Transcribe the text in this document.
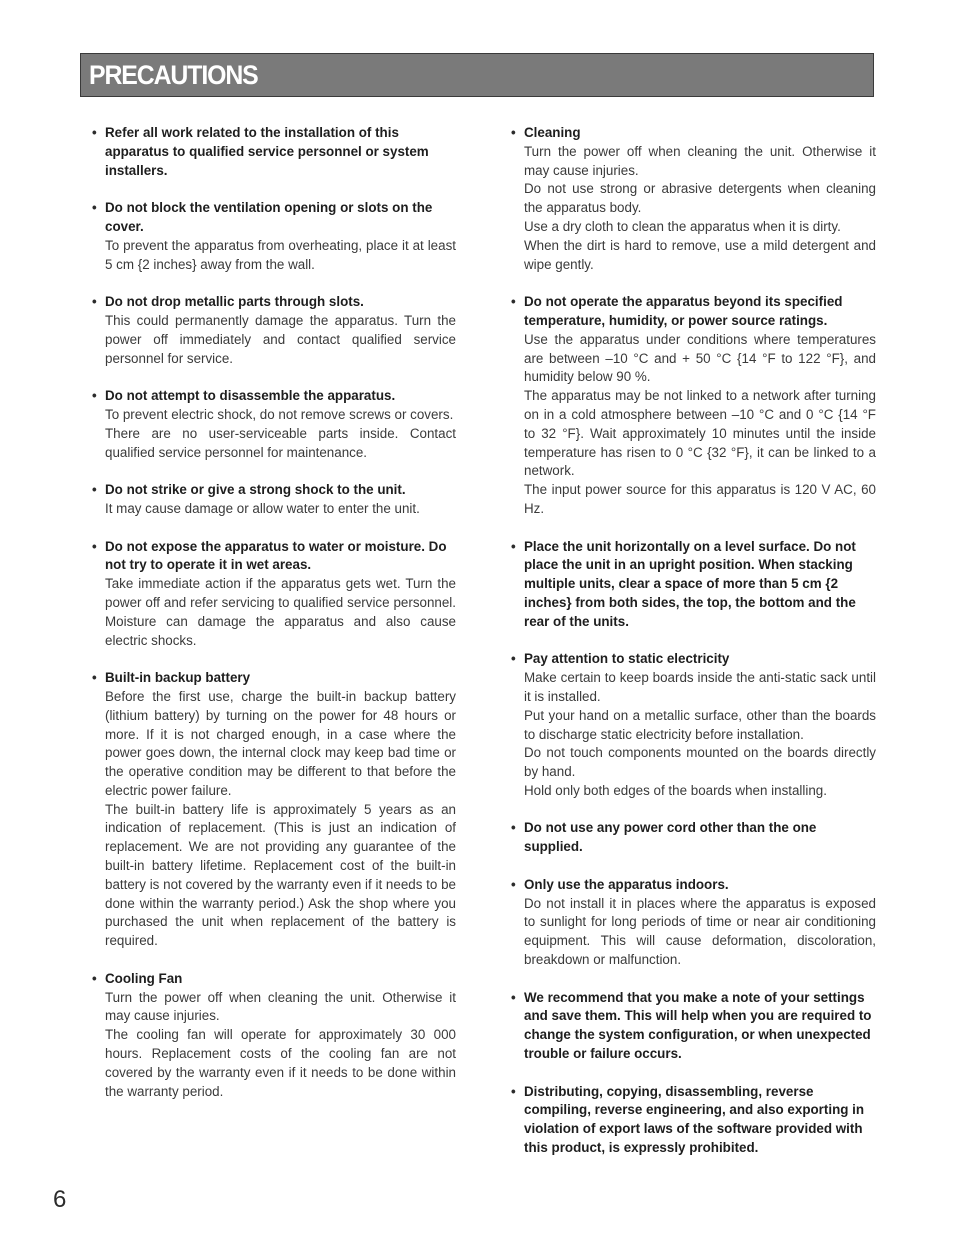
PRECAUTIONS
• Refer all work related to the installation of this apparatus to qualified service personnel or system installers.
• Do not block the ventilation opening or slots on the cover.
To prevent the apparatus from overheating, place it at least 5 cm {2 inches} away from the wall.
• Do not drop metallic parts through slots.
This could permanently damage the apparatus. Turn the power off immediately and contact qualified service personnel for service.
• Do not attempt to disassemble the apparatus.
To prevent electric shock, do not remove screws or covers.
There are no user-serviceable parts inside. Contact qualified service personnel for maintenance.
• Do not strike or give a strong shock to the unit.
It may cause damage or allow water to enter the unit.
• Do not expose the apparatus to water or moisture. Do not try to operate it in wet areas.
Take immediate action if the apparatus gets wet. Turn the power off and refer servicing to qualified service personnel. Moisture can damage the apparatus and also cause electric shocks.
• Built-in backup battery
Before the first use, charge the built-in backup battery (lithium battery) by turning on the power for 48 hours or more. If it is not charged enough, in a case where the power goes down, the internal clock may keep bad time or the operative condition may be different to that before the electric power failure.
The built-in battery life is approximately 5 years as an indication of replacement. (This is just an indication of replacement. We are not providing any guarantee of the built-in battery lifetime. Replacement cost of the built-in battery is not covered by the warranty even if it needs to be done within the warranty period.) Ask the shop where you purchased the unit when replacement of the battery is required.
• Cooling Fan
Turn the power off when cleaning the unit. Otherwise it may cause injuries.
The cooling fan will operate for approximately 30 000 hours. Replacement costs of the cooling fan are not covered by the warranty even if it needs to be done within the warranty period.
• Cleaning
Turn the power off when cleaning the unit. Otherwise it may cause injuries.
Do not use strong or abrasive detergents when cleaning the apparatus body.
Use a dry cloth to clean the apparatus when it is dirty.
When the dirt is hard to remove, use a mild detergent and wipe gently.
• Do not operate the apparatus beyond its specified temperature, humidity, or power source ratings.
Use the apparatus under conditions where temperatures are between –10 °C and + 50 °C {14 °F to 122 °F}, and humidity below 90 %.
The apparatus may be not linked to a network after turning on in a cold atmosphere between –10 °C and 0 °C {14 °F to 32 °F}. Wait approximately 10 minutes until the inside temperature has risen to 0 °C {32 °F}, it can be linked to a network.
The input power source for this apparatus is 120 V AC, 60 Hz.
• Place the unit horizontally on a level surface. Do not place the unit in an upright position. When stacking multiple units, clear a space of more than 5 cm {2 inches} from both sides, the top, the bottom and the rear of the units.
• Pay attention to static electricity
Make certain to keep boards inside the anti-static sack until it is installed.
Put your hand on a metallic surface, other than the boards to discharge static electricity before installation.
Do not touch components mounted on the boards directly by hand.
Hold only both edges of the boards when installing.
• Do not use any power cord other than the one supplied.
• Only use the apparatus indoors.
Do not install it in places where the apparatus is exposed to sunlight for long periods of time or near air conditioning equipment. This will cause deformation, discoloration, breakdown or malfunction.
• We recommend that you make a note of your settings and save them. This will help when you are required to change the system configuration, or when unexpected trouble or failure occurs.
• Distributing, copying, disassembling, reverse compiling, reverse engineering, and also exporting in violation of export laws of the software provided with this product, is expressly prohibited.
6
